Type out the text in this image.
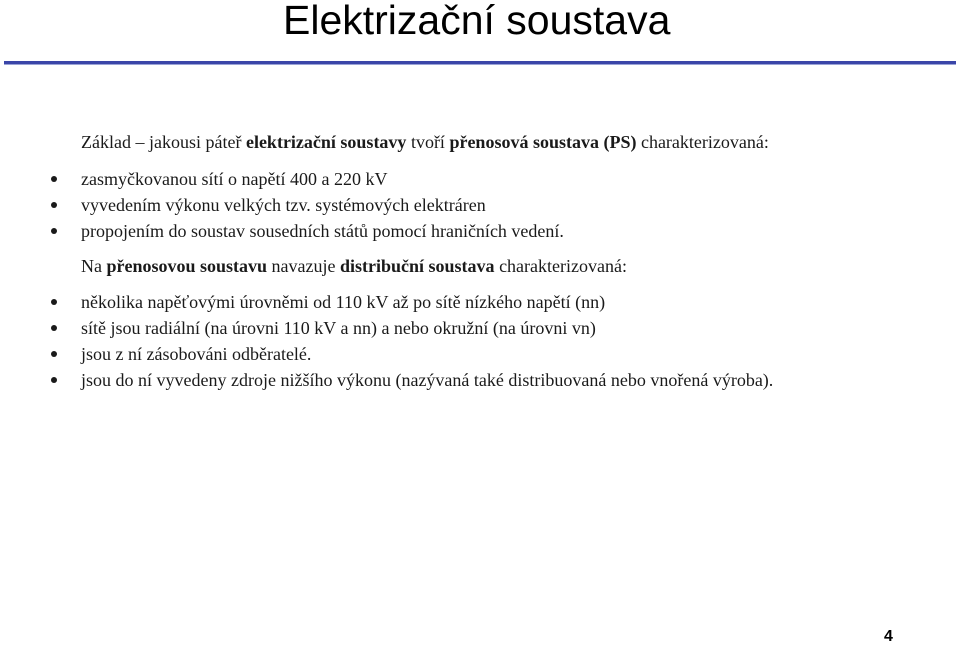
Elektrizační soustava

Základ – jakousi páteř elektrizační soustavy tvoří přenosová soustava (PS) charakterizovaná:

zasmyčkovanou sítí o napětí 400 a 220 kV
vyvedením výkonu velkých tzv. systémových elektráren
propojením do soustav sousedních států pomocí hraničních vedení.

Na přenosovou soustavu navazuje distribuční soustava charakterizovaná:

několika napěťovými úrovněmi od 110 kV až po sítě nízkého napětí (nn)
sítě jsou radiální (na úrovni 110 kV a nn) a nebo okružní (na úrovni vn)
jsou z ní zásobováni odběratelé.
jsou do ní vyvedeny zdroje nižšího výkonu (nazývaná také distribuovaná nebo vnořená výroba).
4
